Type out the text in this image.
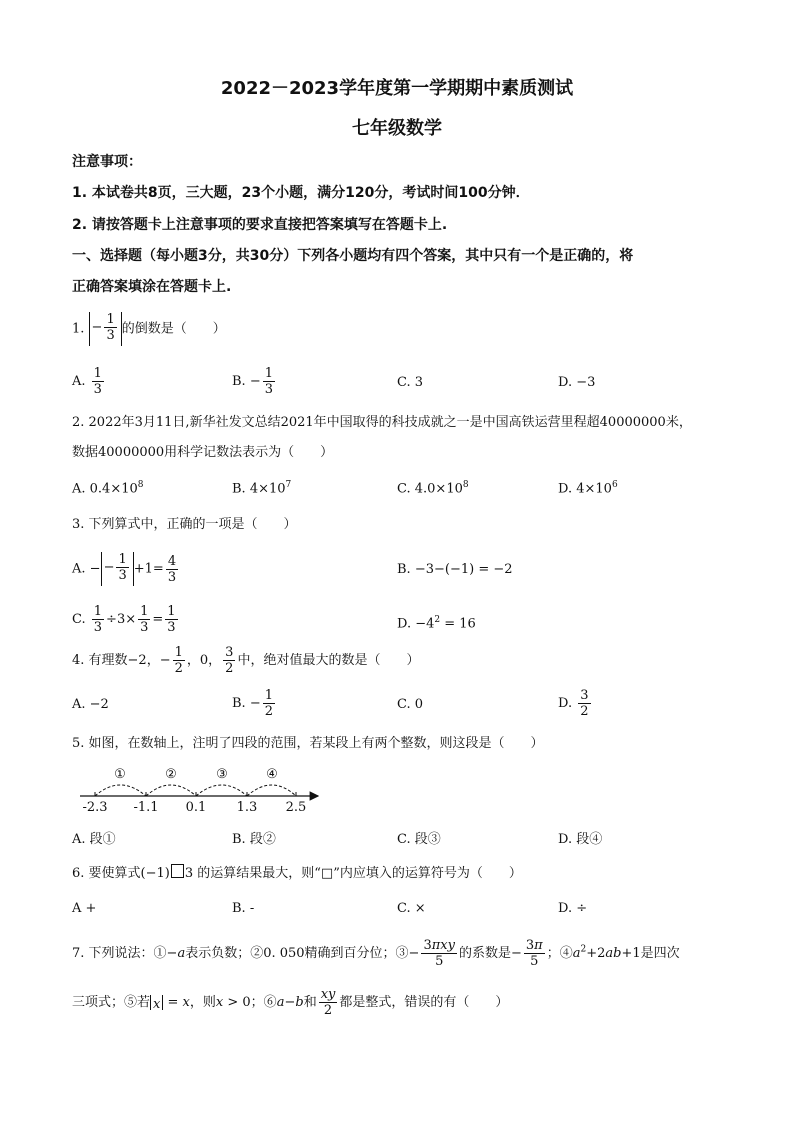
2022－2023学年度第一学期期中素质测试
七年级数学
注意事项：
1. 本试卷共8页，三大题，23个小题，满分120分，考试时间100分钟．
2. 请按答题卡上注意事项的要求直接把答案填写在答题卡上.
一、选择题（每小题3分，共30分）下列各小题均有四个答案，其中只有一个是正确的，将
正确答案填涂在答题卡上.
1. − $\frac{1}{3}$ 的倒数是（　　）
A. $\frac{1}{3}$	B. − $\frac{1}{3}$	C. 3	D. −3
2. 2022年3月11日,新华社发文总结2021年中国取得的科技成就之一是中国高铁运营里程超40000000米，
数据40000000用科学记数法表示为（　　）
A. $0.4\times 10^8$	B. $4\times 10^7$	C. $4.0\times 10^8$	D. $4\times 10^6$
3. 下列算式中，正确的一项是（　　）
A. − − $\frac{1}{3} +1= \frac{4}{3}$	B. −3−(−1) = −2
C. $\frac{1}{3} \div 3\times \frac{1}{3} = \frac{1}{3}$	D. $-4^2 = 16$
4. 有理数−2，− $\frac{1}{2}$ ，0， $\frac{3}{2}$ 中，绝对值最大的数是（　　）
A. −2	B. − $\frac{1}{2}$	C. 0	D. $\frac{3}{2}$
5. 如图，在数轴上，注明了四段的范围，若某段上有两个整数，则这段是（　　）
①	②	③	④
-2.3 -1.1 0.1 1.3 2.5
A. 段①	B. 段②	C. 段③	D. 段④
6. 要使算式(−1) 3 的运算结果最大，则“□”内应填入的运算符号为（　　）
A +	B. -	C. ×	D. ÷
7. 下列说法：①−a表示负数；②0. 050精确到百分位；③− $\frac{\text{3πxy}}{5}$ 的系数是− $\frac{3\pi}{5}$ ；$④a^2+2ab+1$是四次
三项式；⑤若 x = x，则x > 0；⑥a−b和 $\frac{xy}{2}$ 都是整式，错误的有（　　）
